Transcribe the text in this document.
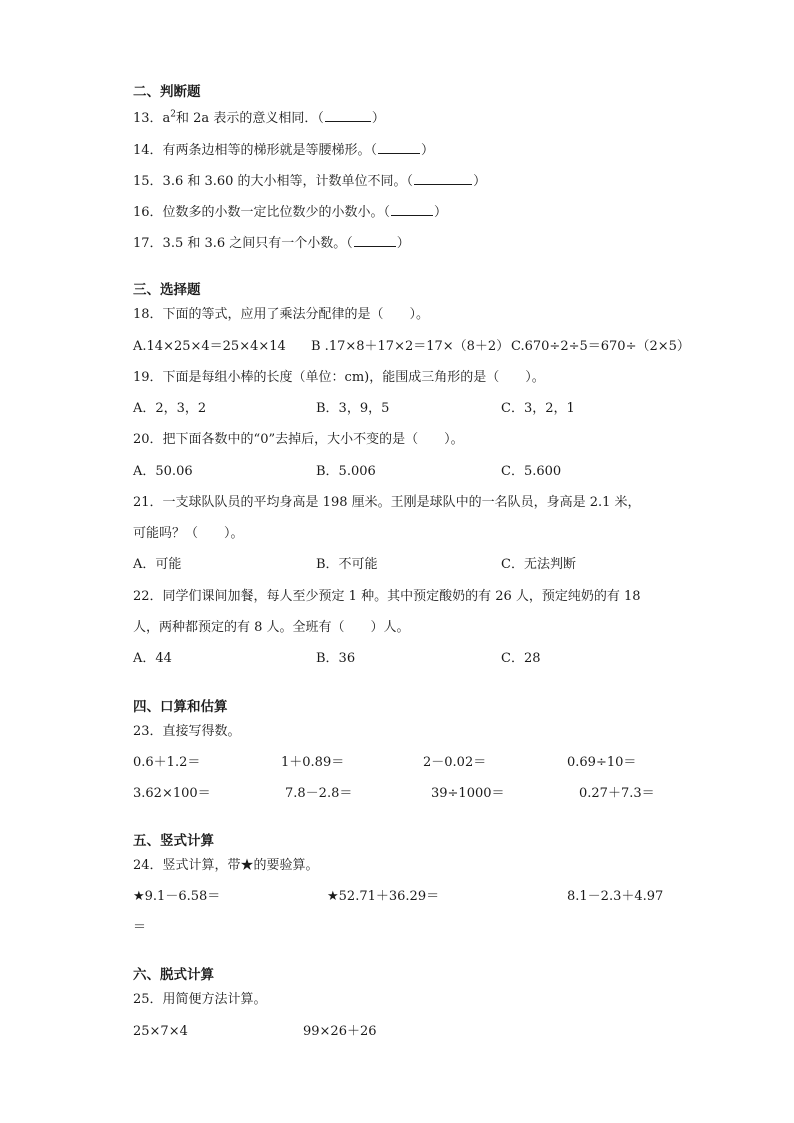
二、判断题
13．$a^2$和 2a 表示的意义相同．（	）
14．有两条边相等的梯形就是等腰梯形。（	）
15．3.6 和 3.60 的大小相等，计数单位不同。（	）
16．位数多的小数一定比位数少的小数小。（	）
17．3.5 和 3.6 之间只有一个小数。（	）
三、选择题
18．下面的等式，应用了乘法分配律的是（　　）。
A.14×25×4＝25×4×14 B .17×8＋17×2＝17×（8＋2） C.670÷2÷5＝670÷（2×5）
19．下面是每组小棒的长度（单位：cm)，能围成三角形的是（　　）。
A．2，3，2	B．3，9，5	C．3，2，1
20．把下面各数中的“0”去掉后，大小不变的是（　　）。
A．50.06	B．5.006	C．5.600
21．一支球队队员的平均身高是 198 厘米。王刚是球队中的一名队员，身高是 2.1 米，
可能吗？（　　）。
A．可能	B．不可能	C．无法判断
22．同学们课间加餐，每人至少预定 1 种。其中预定酸奶的有 26 人，预定纯奶的有 18
人，两种都预定的有 8 人。全班有（　　）人。
A．44	B．36	C．28
四、口算和估算
23．直接写得数。
0.6＋1.2＝	1＋0.89＝	2－0.02＝	0.69÷10＝
3.62×100＝	7.8－2.8＝	39÷1000＝	0.27＋7.3＝
五、竖式计算
24．竖式计算，带★的要验算。
★9.1－6.58＝	★52.71＋36.29＝	8.1－2.3＋4.97
＝
六、脱式计算
25．用简便方法计算。
25×7×4	99×26＋26
